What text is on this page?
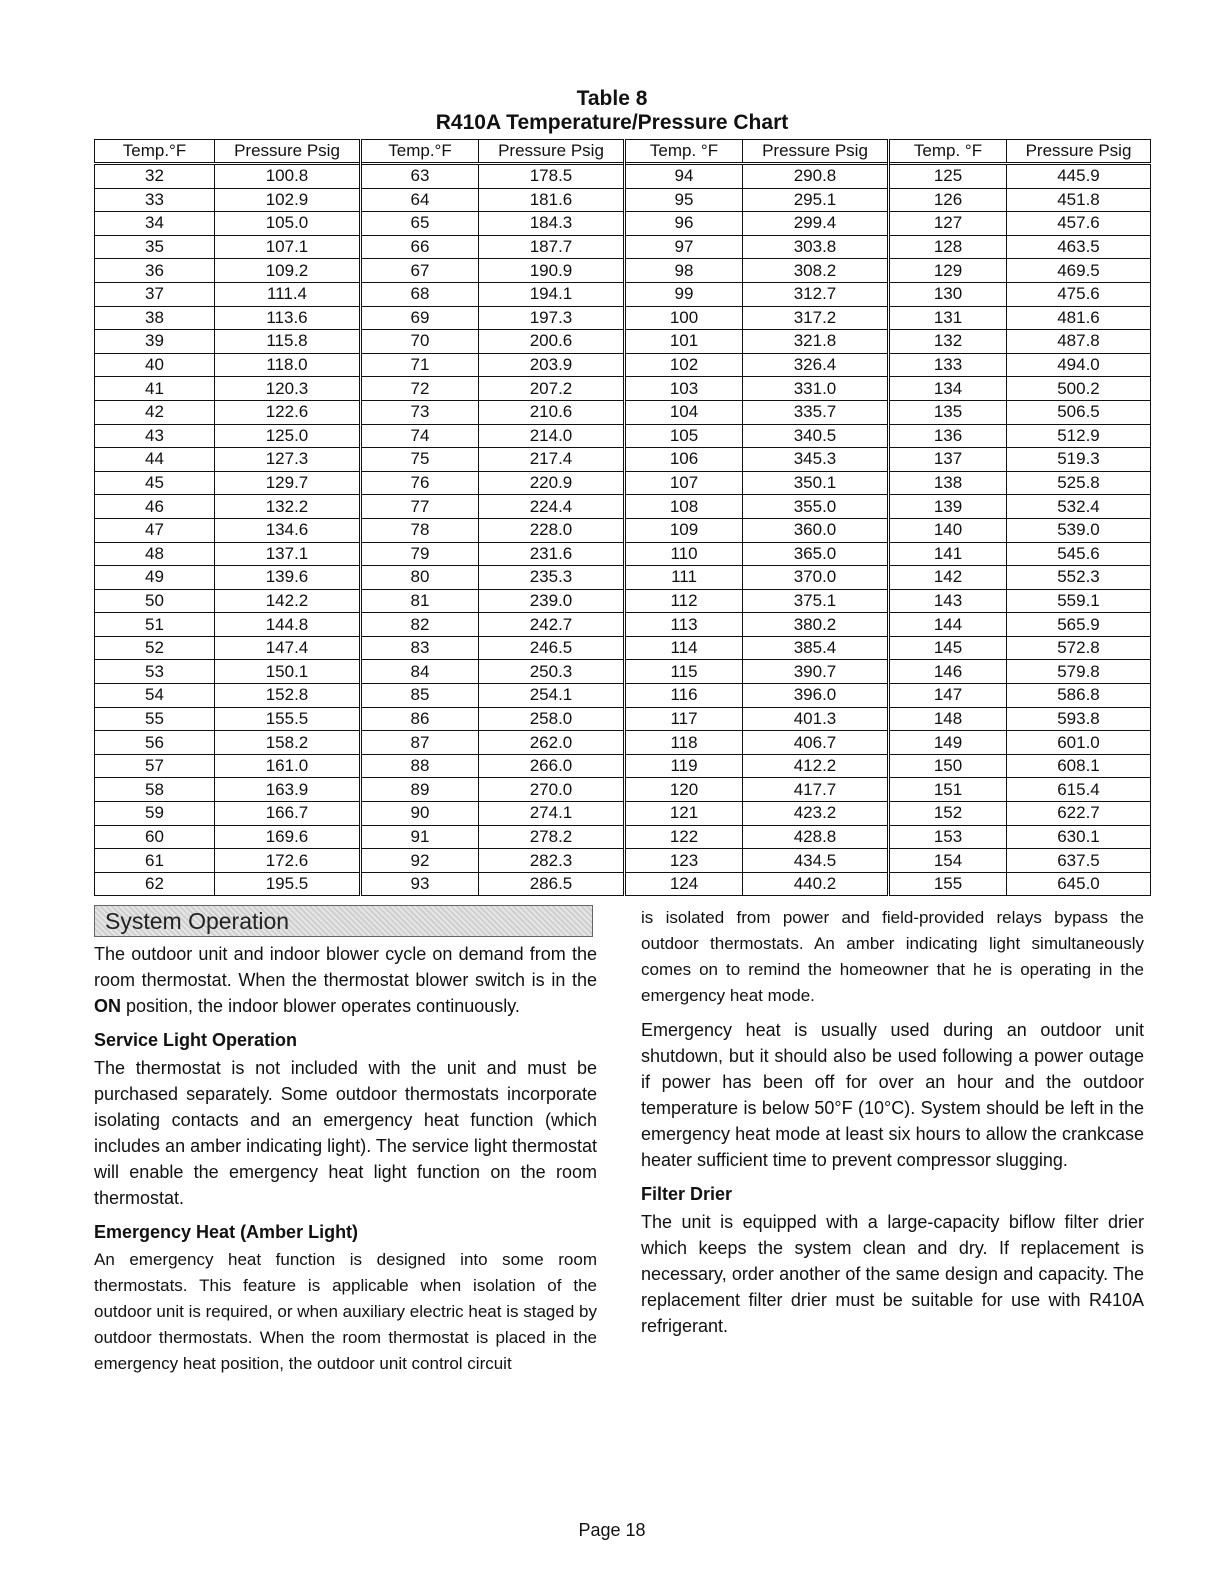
Table 8
R410A Temperature/Pressure Chart
Temp.°F	Pressure Psig	Temp.°F	Pressure Psig	Temp. °F	Pressure Psig	Temp. °F	Pressure Psig
32	100.8	63	178.5	94	290.8	125	445.9
33	102.9	64	181.6	95	295.1	126	451.8
34	105.0	65	184.3	96	299.4	127	457.6
35	107.1	66	187.7	97	303.8	128	463.5
36	109.2	67	190.9	98	308.2	129	469.5
37	111.4	68	194.1	99	312.7	130	475.6
38	113.6	69	197.3	100	317.2	131	481.6
39	115.8	70	200.6	101	321.8	132	487.8
40	118.0	71	203.9	102	326.4	133	494.0
41	120.3	72	207.2	103	331.0	134	500.2
42	122.6	73	210.6	104	335.7	135	506.5
43	125.0	74	214.0	105	340.5	136	512.9
44	127.3	75	217.4	106	345.3	137	519.3
45	129.7	76	220.9	107	350.1	138	525.8
46	132.2	77	224.4	108	355.0	139	532.4
47	134.6	78	228.0	109	360.0	140	539.0
48	137.1	79	231.6	110	365.0	141	545.6
49	139.6	80	235.3	111	370.0	142	552.3
50	142.2	81	239.0	112	375.1	143	559.1
51	144.8	82	242.7	113	380.2	144	565.9
52	147.4	83	246.5	114	385.4	145	572.8
53	150.1	84	250.3	115	390.7	146	579.8
54	152.8	85	254.1	116	396.0	147	586.8
55	155.5	86	258.0	117	401.3	148	593.8
56	158.2	87	262.0	118	406.7	149	601.0
57	161.0	88	266.0	119	412.2	150	608.1
58	163.9	89	270.0	120	417.7	151	615.4
59	166.7	90	274.1	121	423.2	152	622.7
60	169.6	91	278.2	122	428.8	153	630.1
61	172.6	92	282.3	123	434.5	154	637.5
62	195.5	93	286.5	124	440.2	155	645.0
System Operation

The outdoor unit and indoor blower cycle on demand from the room thermostat. When the thermostat blower switch is in the ON position, the indoor blower operates continuously.

Service Light Operation

The thermostat is not included with the unit and must be purchased separately. Some outdoor thermostats incorporate isolating contacts and an emergency heat function (which includes an amber indicating light). The service light thermostat will enable the emergency heat light function on the room thermostat.

Emergency Heat (Amber Light)

An emergency heat function is designed into some room thermostats. This feature is applicable when isolation of the outdoor unit is required, or when auxiliary electric heat is staged by outdoor thermostats. When the room thermostat is placed in the emergency heat position, the outdoor unit control circuit

is isolated from power and field-provided relays bypass the outdoor thermostats. An amber indicating light simultaneously comes on to remind the homeowner that he is operating in the emergency heat mode.

Emergency heat is usually used during an outdoor unit shutdown, but it should also be used following a power outage if power has been off for over an hour and the outdoor temperature is below 50°F (10°C). System should be left in the emergency heat mode at least six hours to allow the crankcase heater sufficient time to prevent compressor slugging.

Filter Drier

The unit is equipped with a large-capacity biflow filter drier which keeps the system clean and dry. If replacement is necessary, order another of the same design and capacity. The replacement filter drier must be suitable for use with R410A refrigerant.

Page 18
